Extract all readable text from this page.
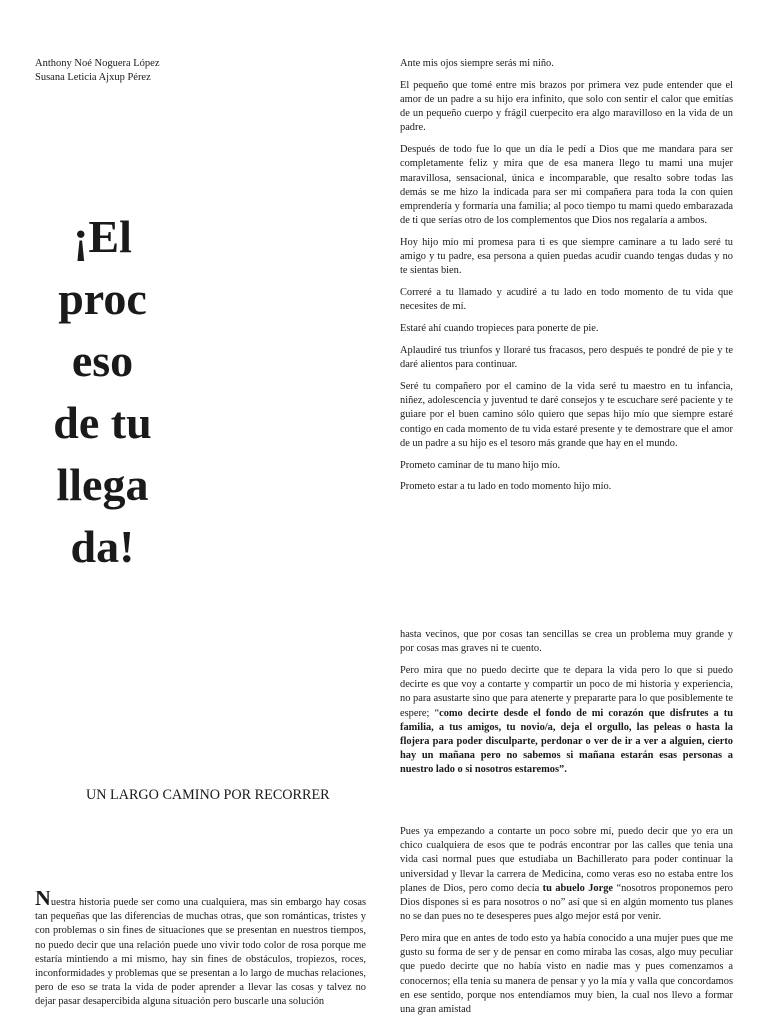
Anthony Noé Noguera López
Susana Leticia Ajxup Pérez
¡El
proc
eso
de tu
llega
da!

Ante mis ojos siempre serás mi niño.

El pequeño que tomé entre mis brazos por primera vez pude entender que el amor de un padre a su hijo era infinito, que solo con sentir el calor que emitías de un pequeño cuerpo y frágil cuerpecito era algo maravilloso en la vida de un padre.

Después de todo fue lo que un día le pedí a Dios que me mandara para ser completamente feliz y mira que de esa manera llego tu mami una mujer maravillosa, sensacional, única e incomparable, que resalto sobre todas las demás se me hizo la indicada para ser mi compañera para toda la con quien emprendería y formaría una familia; al poco tiempo tu mami quedo embarazada de ti que serías otro de los complementos que Dios nos regalaría a ambos.

Hoy hijo mío mi promesa para ti es que siempre caminare a tu lado seré tu amigo y tu padre, esa persona a quien puedas acudir cuando tengas dudas y no te sientas bien.

Correré a tu llamado y acudiré a tu lado en todo momento de tu vida que necesites de mí.

Estaré ahí cuando tropieces para ponerte de pie.

Aplaudiré tus triunfos y lloraré tus fracasos, pero después te pondré de pie y te daré alientos para continuar.

Seré tu compañero por el camino de la vida seré tu maestro en tu infancia, niñez, adolescencia y juventud te daré consejos y te escuchare seré paciente y te guiare por el buen camino sólo quiero que sepas hijo mío que siempre estaré contigo en cada momento de tu vida estaré presente y te demostrare que el amor de un padre a su hijo es el tesoro más grande que hay en el mundo.

Prometo caminar de tu mano hijo mío.

Prometo estar a tu lado en todo momento hijo mío.

hasta vecinos, que por cosas tan sencillas se crea un problema muy grande y por cosas mas graves ni te cuento.

Pero mira que no puedo decirte que te depara la vida pero lo que si puedo decirte es que voy a contarte y compartir un poco de mi historia y experiencia, no para asustarte sino que para atenerte y prepararte para lo que posiblemente te espere; “como decirte desde el fondo de mi corazón que disfrutes a tu familia, a tus amigos, tu novio/a, deja el orgullo, las peleas o hasta la flojera para poder disculparte, perdonar o ver de ir a ver a alguien, cierto hay un mañana pero no sabemos si mañana estarán esas personas a nuestro lado o si nosotros estaremos”.

UN LARGO CAMINO POR RECORRER

Pues ya empezando a contarte un poco sobre mí, puedo decir que yo era un chico cualquiera de esos que te podrás encontrar por las calles que tenia una vida casi normal pues que estudiaba un Bachillerato para poder continuar la universidad y llevar la carrera de Medicina, como veras eso no estaba entre los planes de Dios, pero como decía tu abuelo Jorge “nosotros proponemos pero Dios dispones si es para nosotros o no” así que si en algún momento tus planes no se dan pues no te desesperes pues algo mejor está por venir.

Pero mira que en antes de todo esto ya había conocido a una mujer pues que me gusto su forma de ser y de pensar en como miraba las cosas, algo muy peculiar que puedo decirte que no había visto en nadie mas y pues comenzamos a conocernos; ella tenia su manera de pensar y yo la mía y valla que concordamos en ese sentido, porque nos entendíamos muy bien, la cual nos llevo a formar una gran amistad

Nuestra historia puede ser como una cualquiera, mas sin embargo hay cosas tan pequeñas que las diferencias de muchas otras, que son románticas, tristes y con problemas o sin fines de situaciones que se presentan en nuestros tiempos, no puedo decir que una relación puede uno vivir todo color de rosa porque me estaría mintiendo a mi mismo, hay sin fines de obstáculos, tropiezos, roces, inconformidades y problemas que se presentan a lo largo de muchas relaciones, pero de eso se trata la vida de poder aprender a llevar las cosas y talvez no dejar pasar desapercibida alguna situación pero buscarle una solución
